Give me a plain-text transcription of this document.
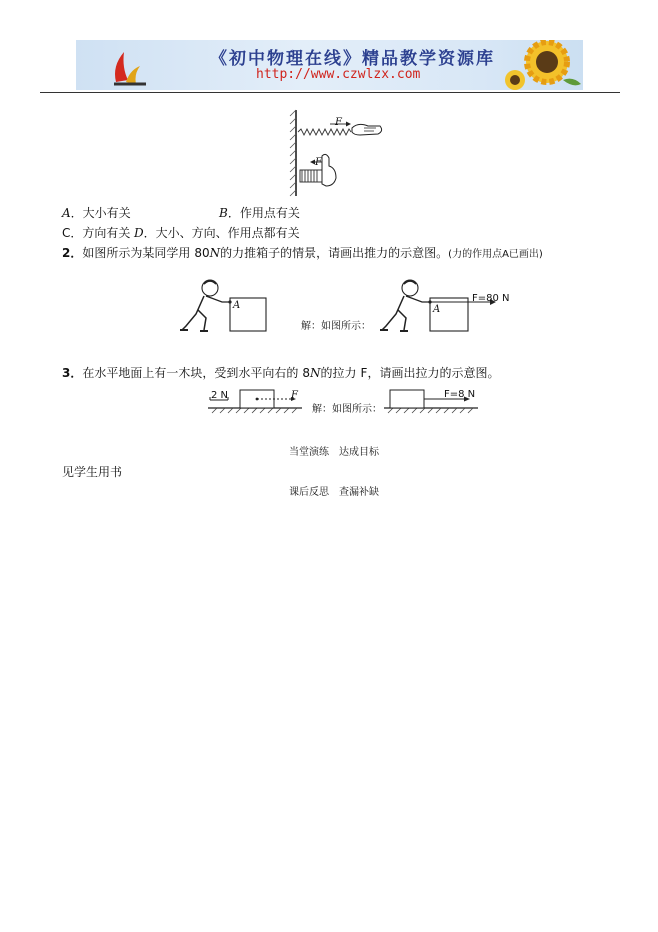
《初中物理在线》精品教学资源库
http://www.czwlzx.com
F
F
A．大小有关	B．作用点有关
C．方向有关 D．大小、方向、作用点都有关
2．如图所示为某同学用 80N的力推箱子的情景，请画出推力的示意图。(力的作用点A已画出)
A
解：如图所示：
A
F=80 N
3．在水平地面上有一木块，受到水平向右的 8N的拉力 F，请画出拉力的示意图。
2 N	F
解：如图所示：
F=8 N
当堂演练　达成目标
见学生用书
课后反思　查漏补缺
